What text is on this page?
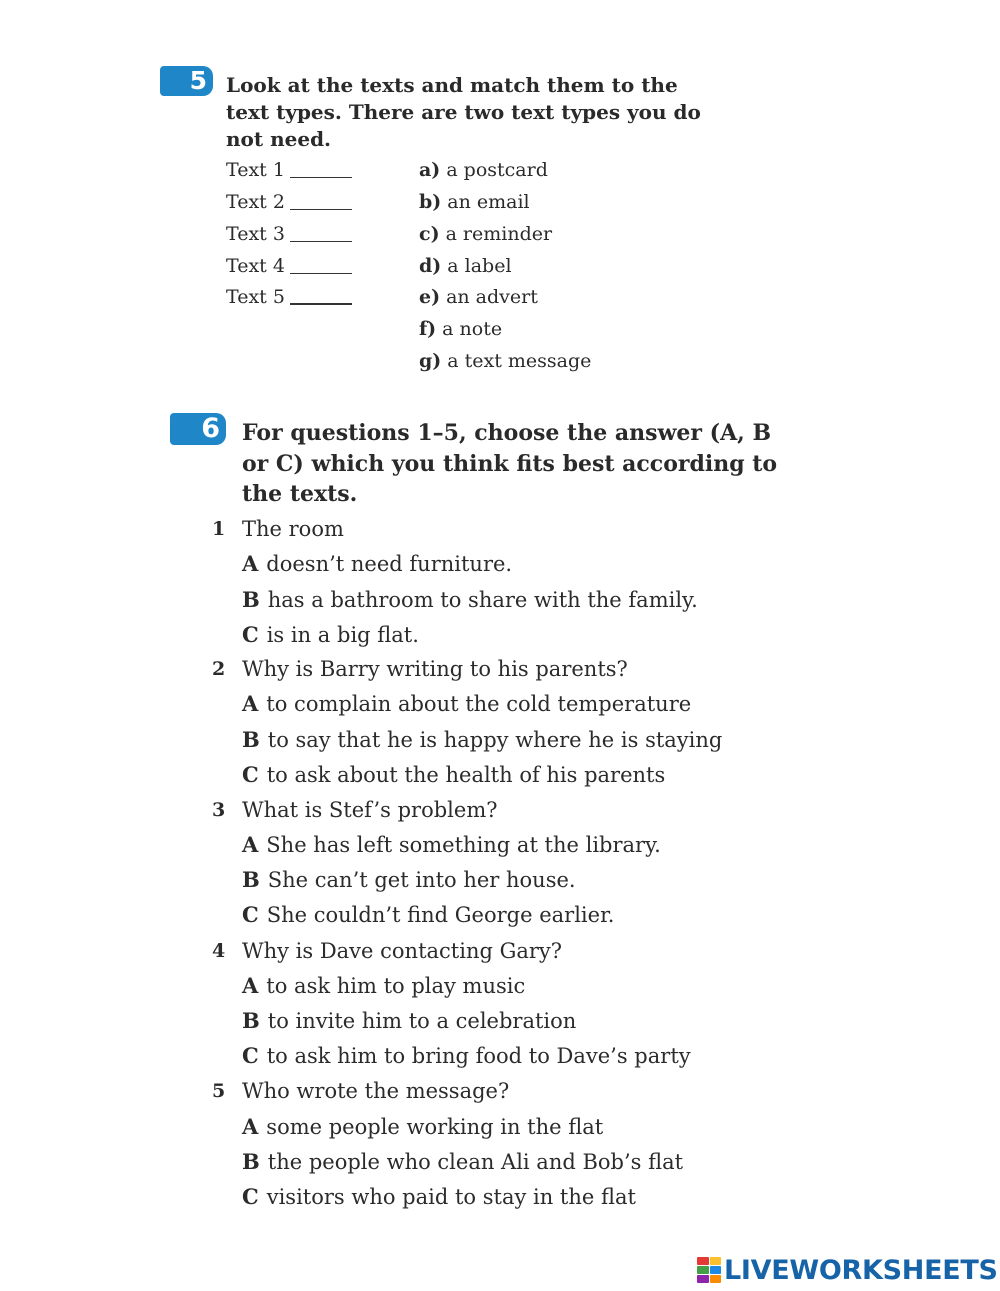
5 Look at the texts and match them to the
text types. There are two text types you do
not need.
Text 1
Text 2
Text 3
Text 4
Text 5
a) a postcard
b) an email
c) a reminder
d) a label
e) an advert
f) a note
g) a text message
6 For questions 1–5, choose the answer (A, B
or C) which you think fits best according to
the texts.
1 The room
A doesn’t need furniture.
B has a bathroom to share with the family.
C is in a big flat.
2 Why is Barry writing to his parents?
A to complain about the cold temperature
B to say that he is happy where he is staying
C to ask about the health of his parents
3 What is Stef’s problem?
A She has left something at the library.
B She can’t get into her house.
C She couldn’t find George earlier.
4 Why is Dave contacting Gary?
A to ask him to play music
B to invite him to a celebration
C to ask him to bring food to Dave’s party
5 Who wrote the message?
A some people working in the flat
B the people who clean Ali and Bob’s flat
C visitors who paid to stay in the flat
LIVEWORKSHEETS
